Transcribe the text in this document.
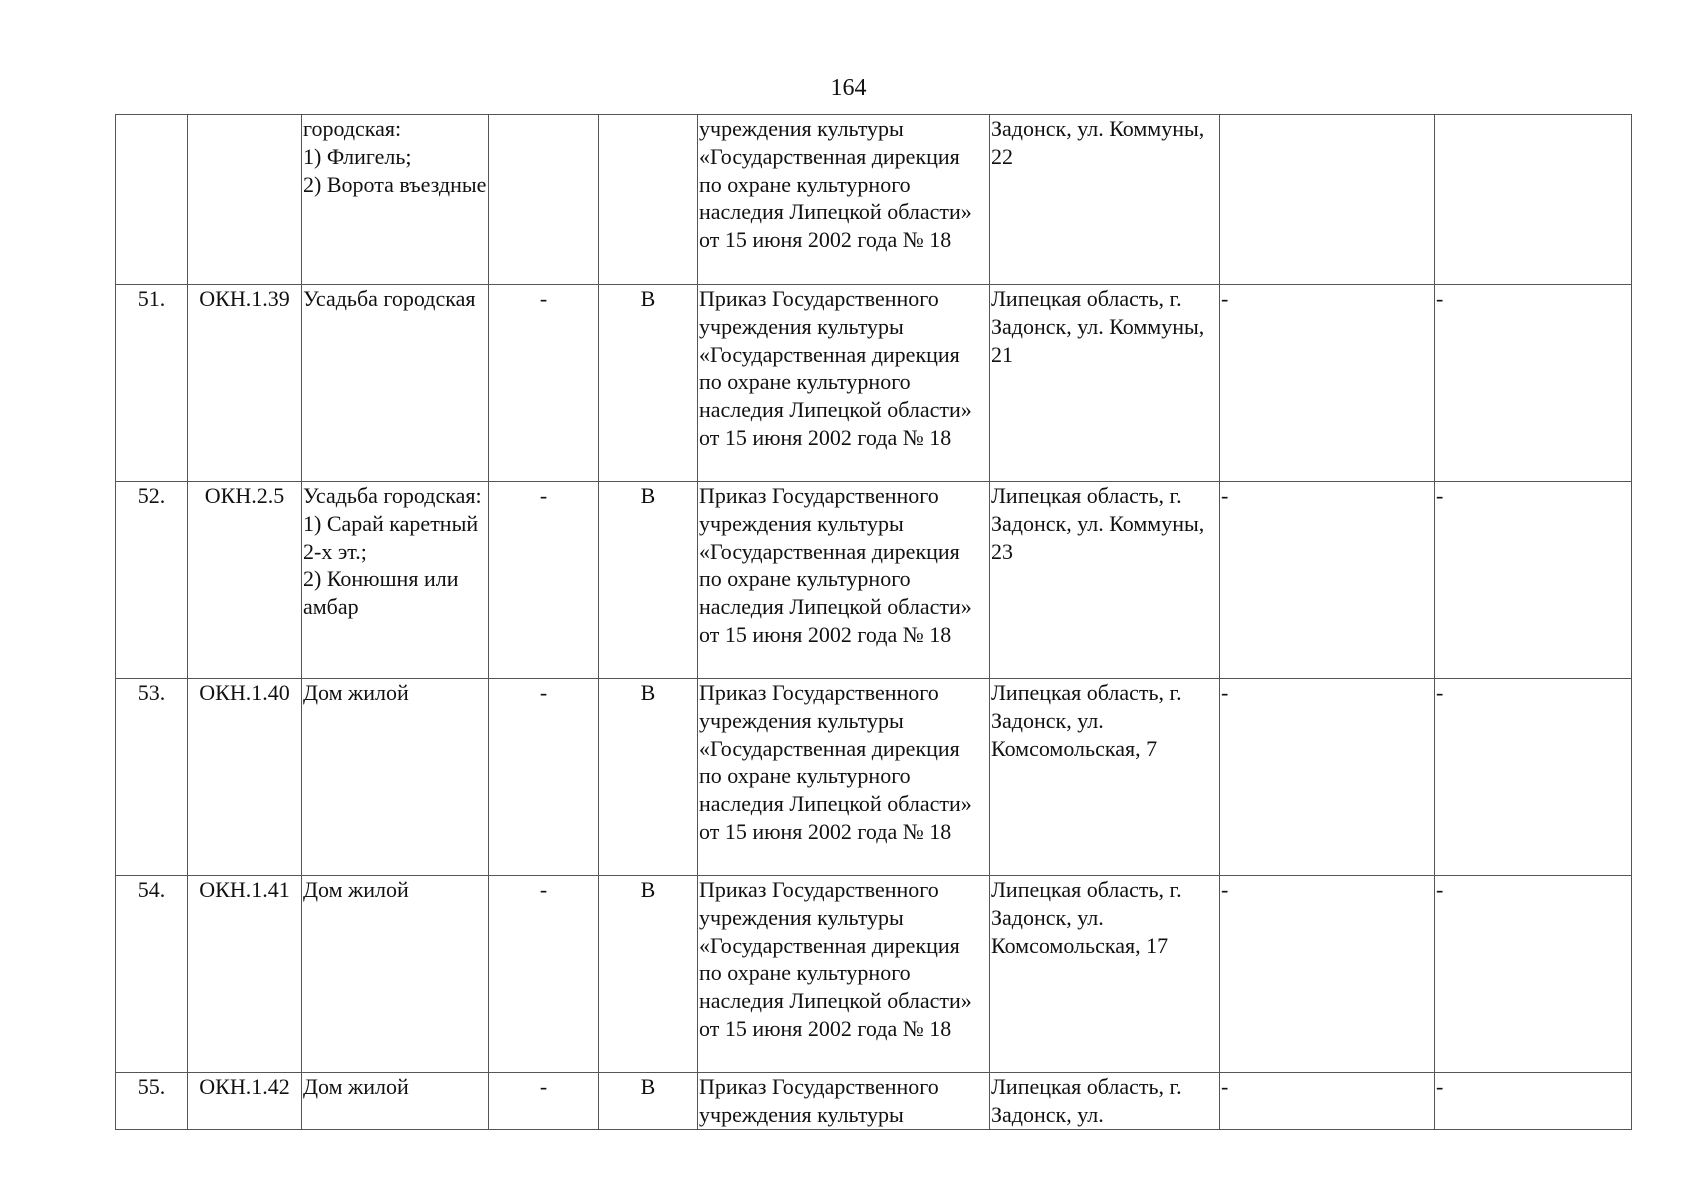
164
		городская:
1) Флигель;
2) Ворота въездные			учреждения культуры «Государственная дирекция по охране культурного наследия Липецкой области» от 15 июня 2002 года № 18	Задонск, ул. Коммуны, 22		
51.	ОКН.1.39	Усадьба городская	-	В	Приказ Государственного учреждения культуры «Государственная дирекция по охране культурного наследия Липецкой области» от 15 июня 2002 года № 18	Липецкая область, г. Задонск, ул. Коммуны, 21	-	-
52.	ОКН.2.5	Усадьба городская:
1) Сарай каретный 2-х эт.;
2) Конюшня или амбар	-	В	Приказ Государственного учреждения культуры «Государственная дирекция по охране культурного наследия Липецкой области» от 15 июня 2002 года № 18	Липецкая область, г. Задонск, ул. Коммуны, 23	-	-
53.	ОКН.1.40	Дом жилой	-	В	Приказ Государственного учреждения культуры «Государственная дирекция по охране культурного наследия Липецкой области» от 15 июня 2002 года № 18	Липецкая область, г. Задонск, ул. Комсомольская, 7	-	-
54.	ОКН.1.41	Дом жилой	-	В	Приказ Государственного учреждения культуры «Государственная дирекция по охране культурного наследия Липецкой области» от 15 июня 2002 года № 18	Липецкая область, г. Задонск, ул. Комсомольская, 17	-	-
55.	ОКН.1.42	Дом жилой	-	В	Приказ Государственного учреждения культуры	Липецкая область, г. Задонск, ул.	-	-
